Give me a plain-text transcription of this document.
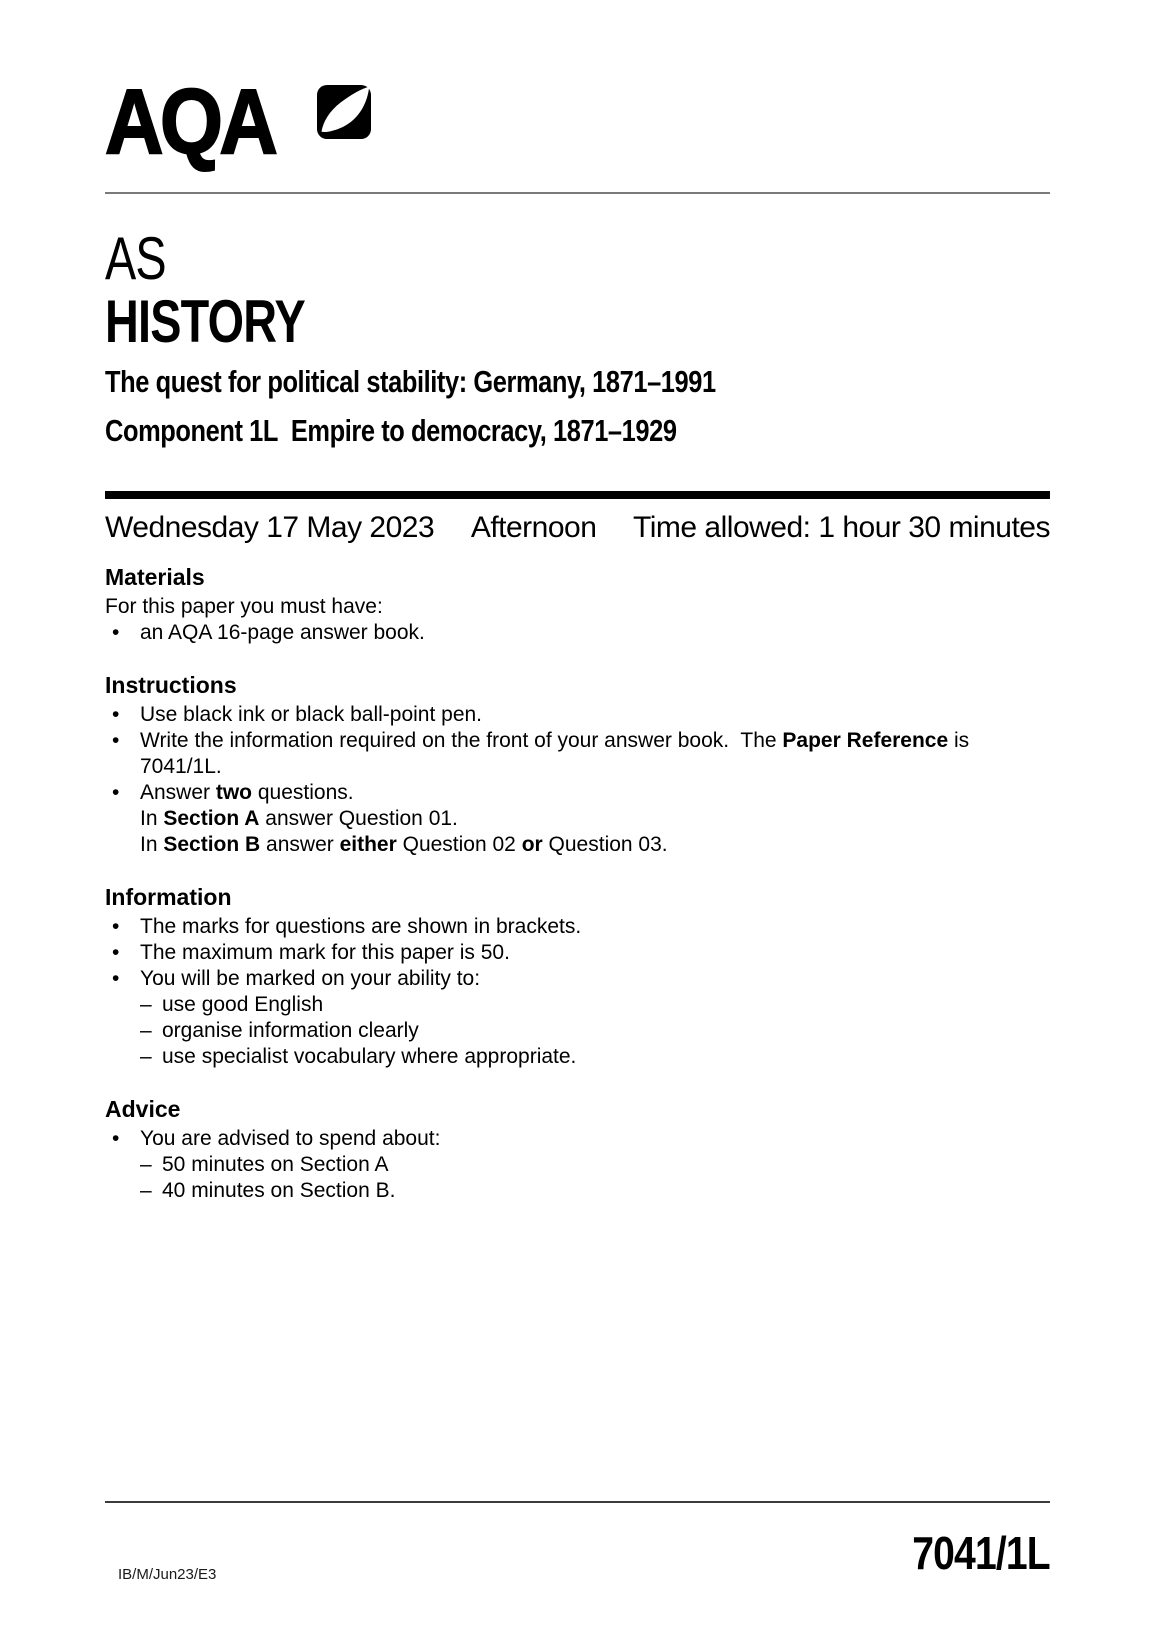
AQA
AS
HISTORY
The quest for political stability: Germany, 1871–1991
Component 1L  Empire to democracy, 1871–1929
Wednesday 17 May 2023 Afternoon Time allowed: 1 hour 30 minutes
Materials
For this paper you must have:
• an AQA 16-page answer book.
Instructions
• Use black ink or black ball-point pen.
• Write the information required on the front of your answer book.  The Paper Reference is 7041/1L.
• Answer two questions.
In Section A answer Question 01.
In Section B answer either Question 02 or Question 03.
Information
• The marks for questions are shown in brackets.
• The maximum mark for this paper is 50.
• You will be marked on your ability to:
– use good English
– organise information clearly
– use specialist vocabulary where appropriate.
Advice
• You are advised to spend about:
– 50 minutes on Section A
– 40 minutes on Section B.
IB/M/Jun23/E3	7041/1L
